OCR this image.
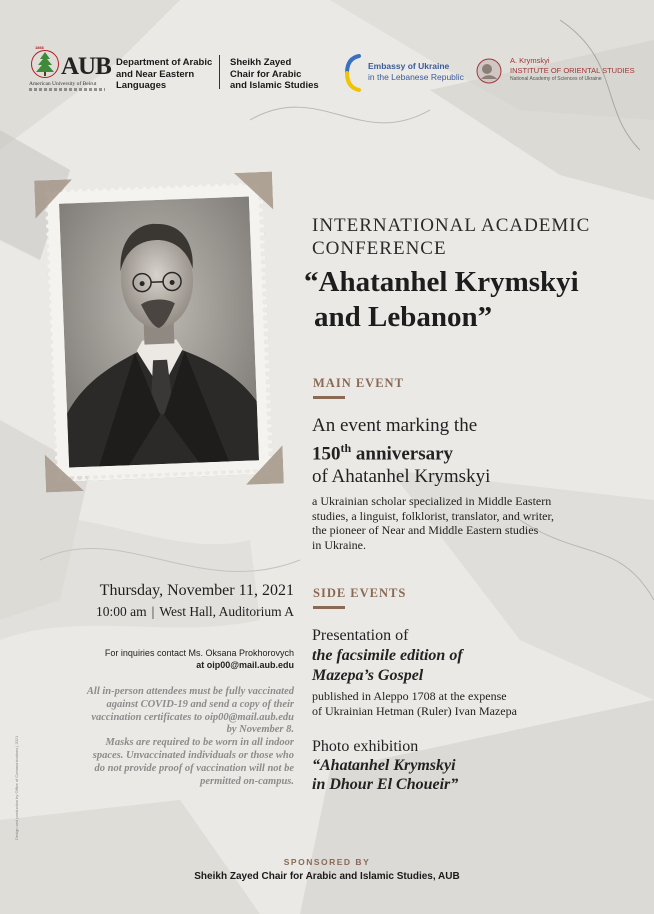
1866
AUB
American University of Beirut
Department of Arabic
and Near Eastern
Languages
Sheikh Zayed
Chair for Arabic
and Islamic Studies
Embassy of Ukraine
in the Lebanese Republic
A. Krymskyi
INSTITUTE OF ORIENTAL STUDIES
National Academy of Sciences of Ukraine
INTERNATIONAL ACADEMIC
CONFERENCE
“Ahatanhel Krymskyi
and Lebanon”
MAIN EVENT
An event marking the
150th anniversary
of Ahatanhel Krymskyi
a Ukrainian scholar specialized in Middle Eastern
studies, a linguist, folklorist, translator, and writer,
the pioneer of Near and Middle Eastern studies
in Ukraine.
SIDE EVENTS
Presentation of
the facsimile edition of
Mazepa’s Gospel
published in Aleppo 1708 at the expense
of Ukrainian Hetman (Ruler) Ivan Mazepa
Photo exhibition
“Ahatanhel Krymskyi
in Dhour El Choueir”
Thursday, November 11, 2021
10:00 am | West Hall, Auditorium A
For inquiries contact Ms. Oksana Prokhorovych
at oip00@mail.aub.edu
All in-person attendees must be fully vaccinated
against COVID-19 and send a copy of their
vaccination certificates to oip00@mail.aub.edu
by November 8.
Masks are required to be worn in all indoor
spaces. Unvaccinated individuals or those who
do not provide proof of vaccination will not be
permitted on-campus.
Design and production by Office of Communications | 2021
SPONSORED BY
Sheikh Zayed Chair for Arabic and Islamic Studies, AUB
